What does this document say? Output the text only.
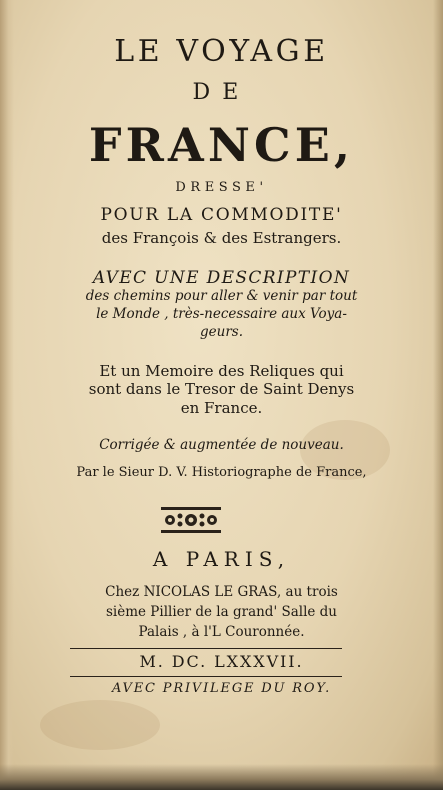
LE VOYAGE
DE
FRANCE,
DRESSE'
POUR LA COMMODITE'
des François & des Estrangers.
AVEC UNE DESCRIPTION
des chemins pour aller & venir par tout
le Monde , très-necessaire aux Voya-
geurs.
Et un Memoire des Reliques qui
sont dans le Tresor de Saint Denys
en France.
Corrigée & augmentée de nouveau.
Par le Sieur D. V. Historiographe de France,
A PARIS,
Chez NICOLAS LE GRAS, au trois
sième Pillier de la grand' Salle du
Palais , à l'L Couronnée.
M. DC. LXXXVII.
AVEC PRIVILEGE DU ROY.
